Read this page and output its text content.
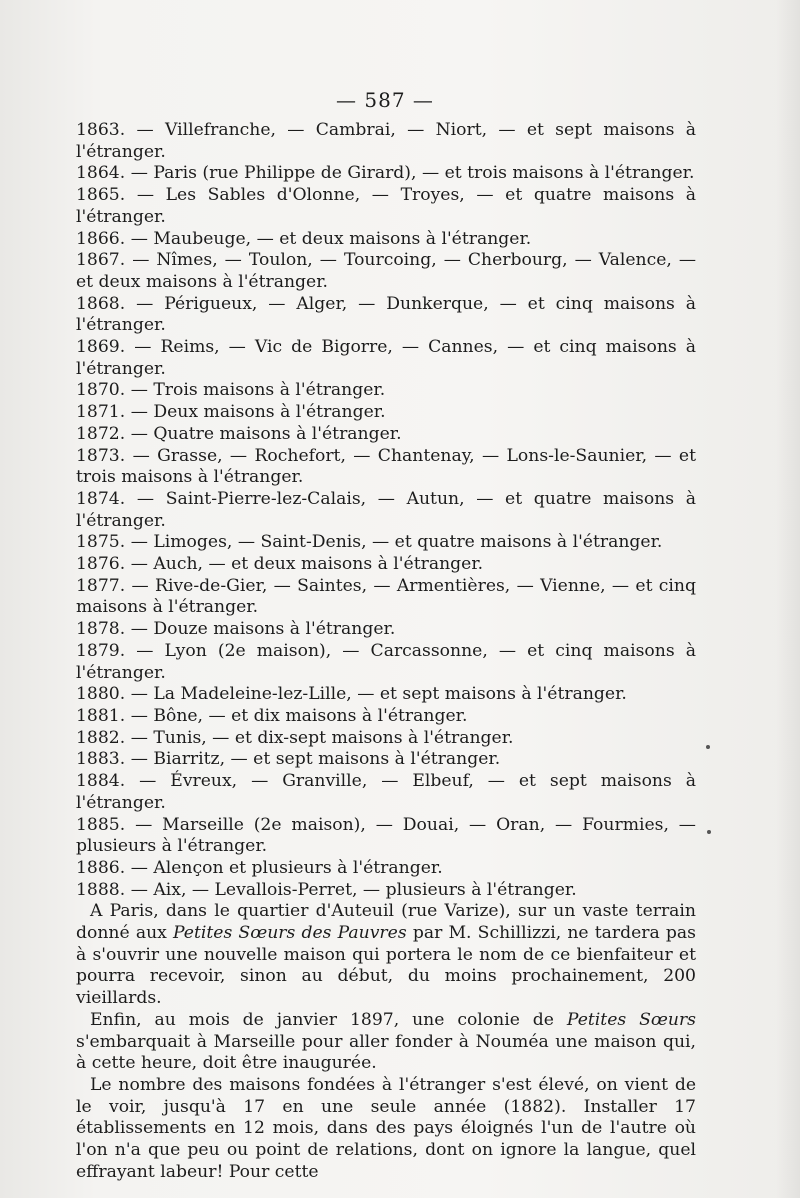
— 587 —

1863. — Villefranche, — Cambrai, — Niort, — et sept maisons à l'étranger.

1864. — Paris (rue Philippe de Girard), — et trois maisons à l'étranger.

1865. — Les Sables d'Olonne, — Troyes, — et quatre maisons à l'étranger.

1866. — Maubeuge, — et deux maisons à l'étranger.

1867. — Nîmes, — Toulon, — Tourcoing, — Cherbourg, — Valence, — et deux maisons à l'étranger.

1868. — Périgueux, — Alger, — Dunkerque, — et cinq maisons à l'étranger.

1869. — Reims, — Vic de Bigorre, — Cannes, — et cinq maisons à l'étranger.

1870. — Trois maisons à l'étranger.

1871. — Deux maisons à l'étranger.

1872. — Quatre maisons à l'étranger.

1873. — Grasse, — Rochefort, — Chantenay, — Lons-le-Saunier, — et trois maisons à l'étranger.

1874. — Saint-Pierre-lez-Calais, — Autun, — et quatre maisons à l'étranger.

1875. — Limoges, — Saint-Denis, — et quatre maisons à l'étranger.

1876. — Auch, — et deux maisons à l'étranger.

1877. — Rive-de-Gier, — Saintes, — Armentières, — Vienne, — et cinq maisons à l'étranger.

1878. — Douze maisons à l'étranger.

1879. — Lyon (2e maison), — Carcassonne, — et cinq maisons à l'étranger.

1880. — La Madeleine-lez-Lille, — et sept maisons à l'étranger.

1881. — Bône, — et dix maisons à l'étranger.

1882. — Tunis, — et dix-sept maisons à l'étranger.

1883. — Biarritz, — et sept maisons à l'étranger.

1884. — Évreux, — Granville, — Elbeuf, — et sept maisons à l'étranger.

1885. — Marseille (2e maison), — Douai, — Oran, — Fourmies, — plusieurs à l'étranger.

1886. — Alençon et plusieurs à l'étranger.

1888. — Aix, — Levallois-Perret, — plusieurs à l'étranger.

A Paris, dans le quartier d'Auteuil (rue Varize), sur un vaste terrain donné aux Petites Sœurs des Pauvres par M. Schillizzi, ne tardera pas à s'ouvrir une nouvelle maison qui portera le nom de ce bienfaiteur et pourra recevoir, sinon au début, du moins prochainement, 200 vieillards.

Enfin, au mois de janvier 1897, une colonie de Petites Sœurs s'embarquait à Marseille pour aller fonder à Nouméa une maison qui, à cette heure, doit être inaugurée.

Le nombre des maisons fondées à l'étranger s'est élevé, on vient de le voir, jusqu'à 17 en une seule année (1882). Installer 17 établissements en 12 mois, dans des pays éloignés l'un de l'autre où l'on n'a que peu ou point de relations, dont on ignore la langue, quel effrayant labeur! Pour cette
